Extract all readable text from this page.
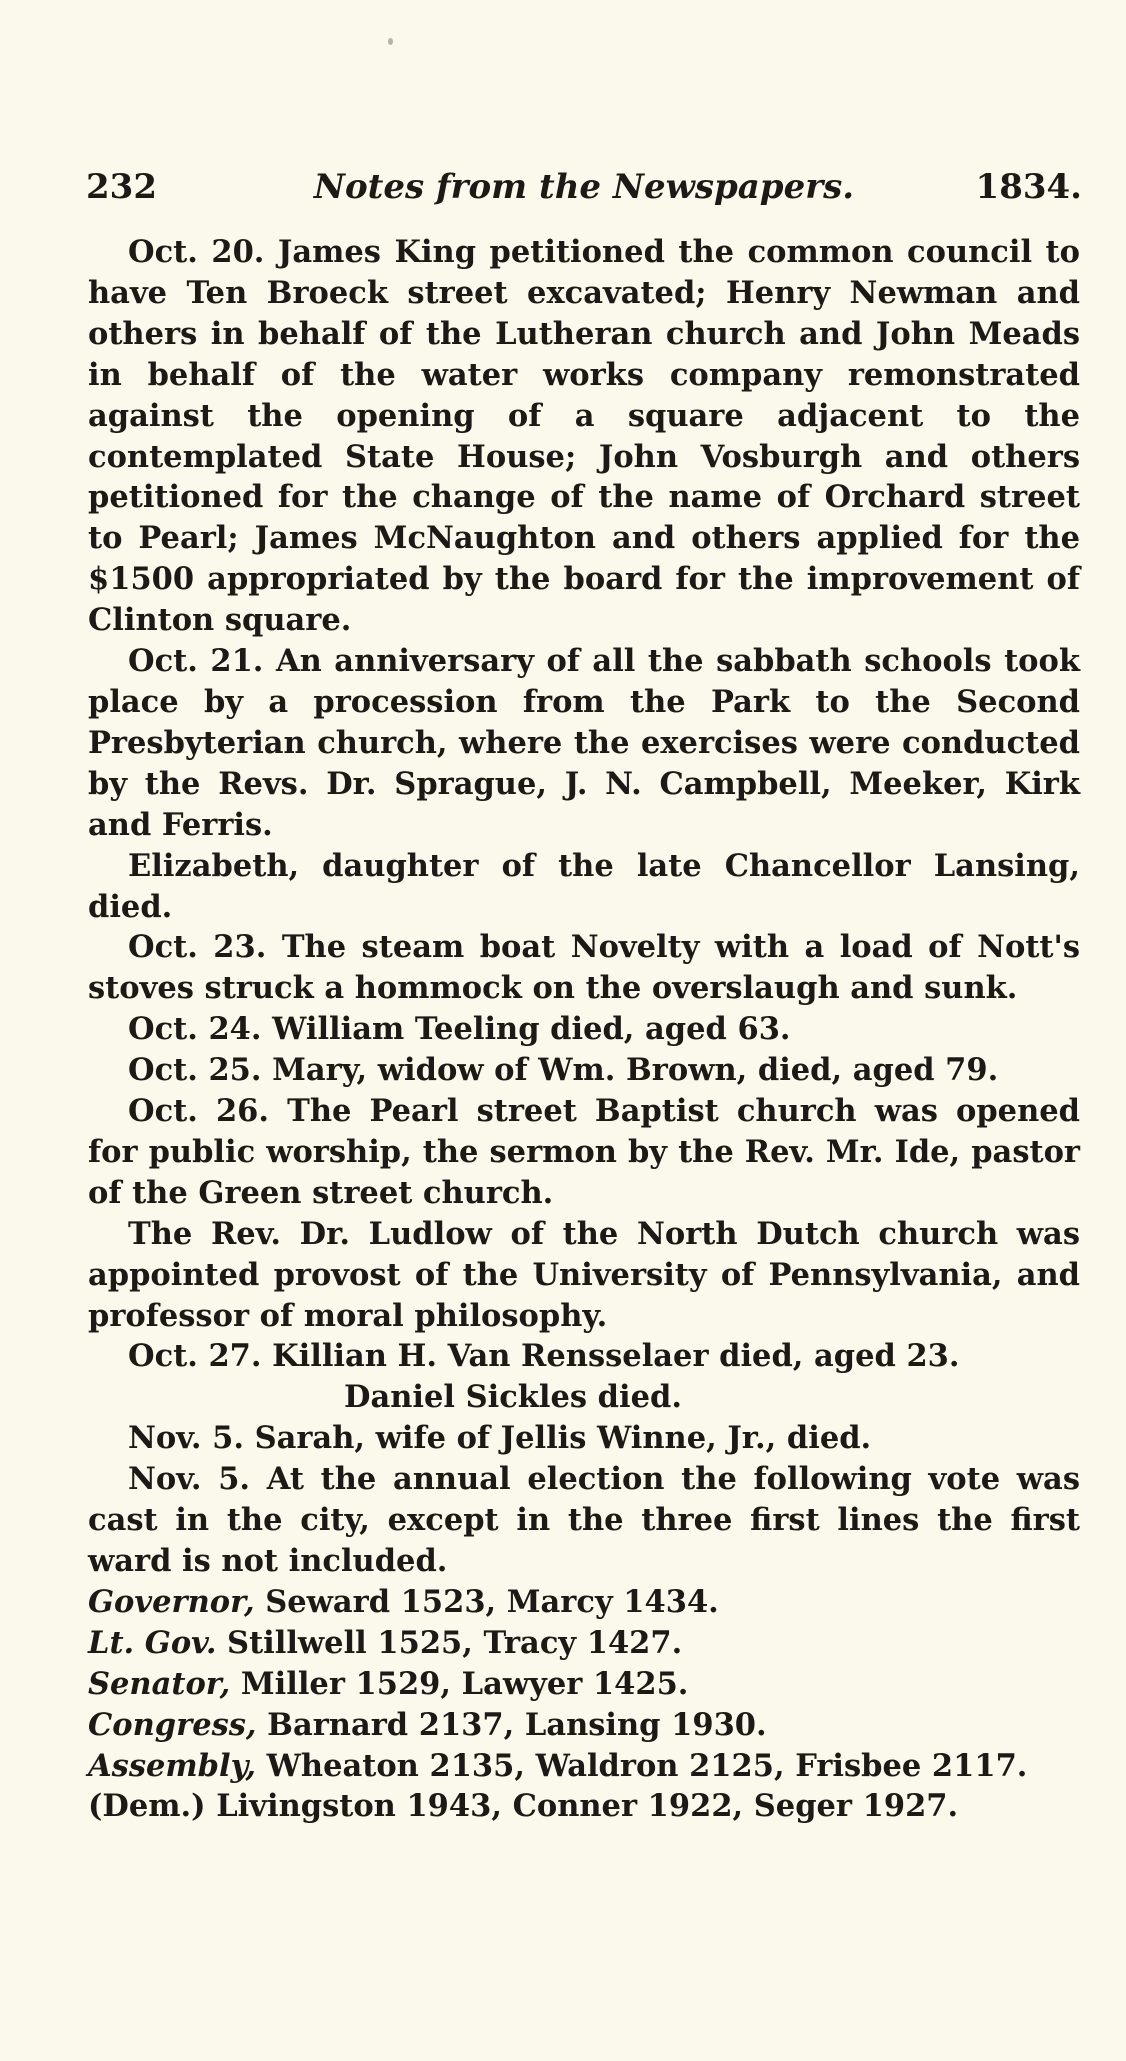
232	Notes from the Newspapers.	1834.

Oct. 20. James King petitioned the common council to have Ten Broeck street excavated; Henry Newman and others in behalf of the Lutheran church and John Meads in behalf of the water works company remonstrated against the opening of a square adjacent to the contemplated State House; John Vosburgh and others petitioned for the change of the name of Orchard street to Pearl; James McNaughton and others applied for the $1500 appropriated by the board for the improvement of Clinton square.

Oct. 21. An anniversary of all the sabbath schools took place by a procession from the Park to the Second Presbyterian church, where the exercises were conducted by the Revs. Dr. Sprague, J. N. Campbell, Meeker, Kirk and Ferris.

Elizabeth, daughter of the late Chancellor Lansing, died.

Oct. 23. The steam boat Novelty with a load of Nott's stoves struck a hommock on the overslaugh and sunk.

Oct. 24. William Teeling died, aged 63.

Oct. 25. Mary, widow of Wm. Brown, died, aged 79.

Oct. 26. The Pearl street Baptist church was opened for public worship, the sermon by the Rev. Mr. Ide, pastor of the Green street church.

The Rev. Dr. Ludlow of the North Dutch church was appointed provost of the University of Pennsylvania, and professor of moral philosophy.

Oct. 27. Killian H. Van Rensselaer died, aged 23.

Daniel Sickles died.

Nov. 5. Sarah, wife of Jellis Winne, Jr., died.

Nov. 5. At the annual election the following vote was cast in the city, except in the three first lines the first ward is not included.

Governor, Seward 1523, Marcy 1434.

Lt. Gov. Stillwell 1525, Tracy 1427.

Senator, Miller 1529, Lawyer 1425.

Congress, Barnard 2137, Lansing 1930.

Assembly, Wheaton 2135, Waldron 2125, Frisbee 2117.

(Dem.) Livingston 1943, Conner 1922, Seger 1927.
